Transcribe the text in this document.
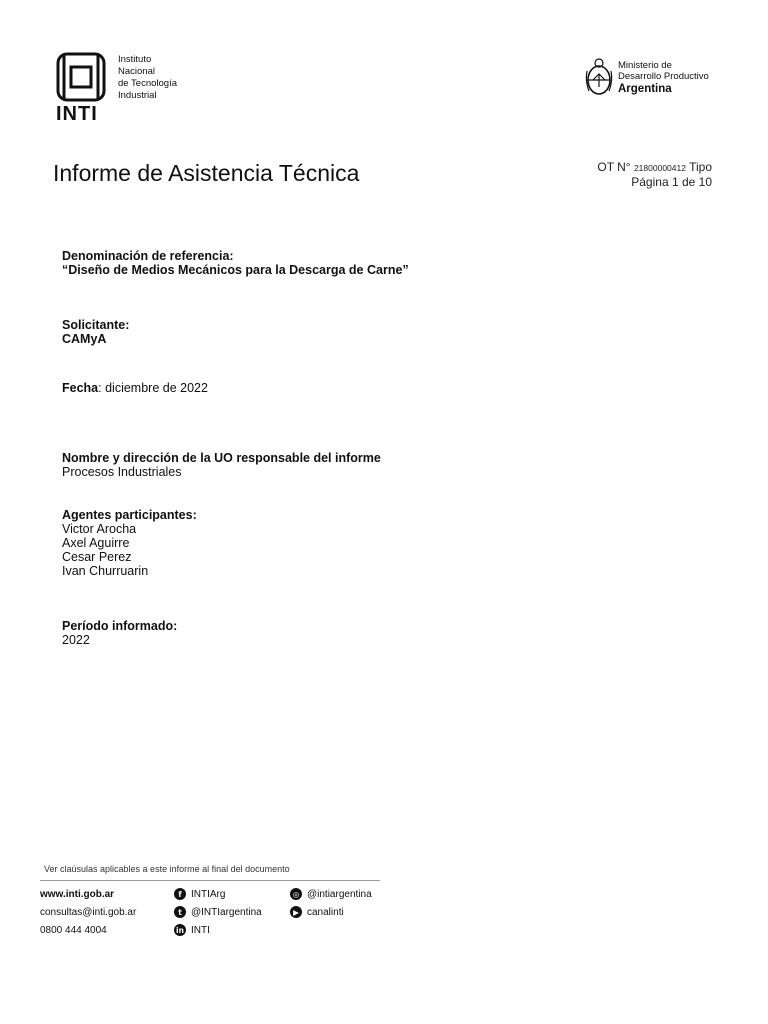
Instituto
Nacional
de Tecnología
Industrial
INTI
Ministerio de
Desarrollo Productivo
Argentina
Informe de Asistencia Técnica	OT N° 21800000412 Tipo
Página 1 de 10
Denominación de referencia:
“Diseño de Medios Mecánicos para la Descarga de Carne”
Solicitante:
CAMyA
Fecha: diciembre de 2022
Nombre y dirección de la UO responsable del informe
Procesos Industriales
Agentes participantes:
Victor Arocha
Axel Aguirre
Cesar Perez
Ivan Churruarin
Período informado:
2022
Ver claúsulas aplicables a este informe al final del documento
www.inti.gob.ar
consultas@inti.gob.ar
0800 444 4004
f INTIArg
t @INTIargentina
in INTI
◎ @intiargentina
▶ canalinti
